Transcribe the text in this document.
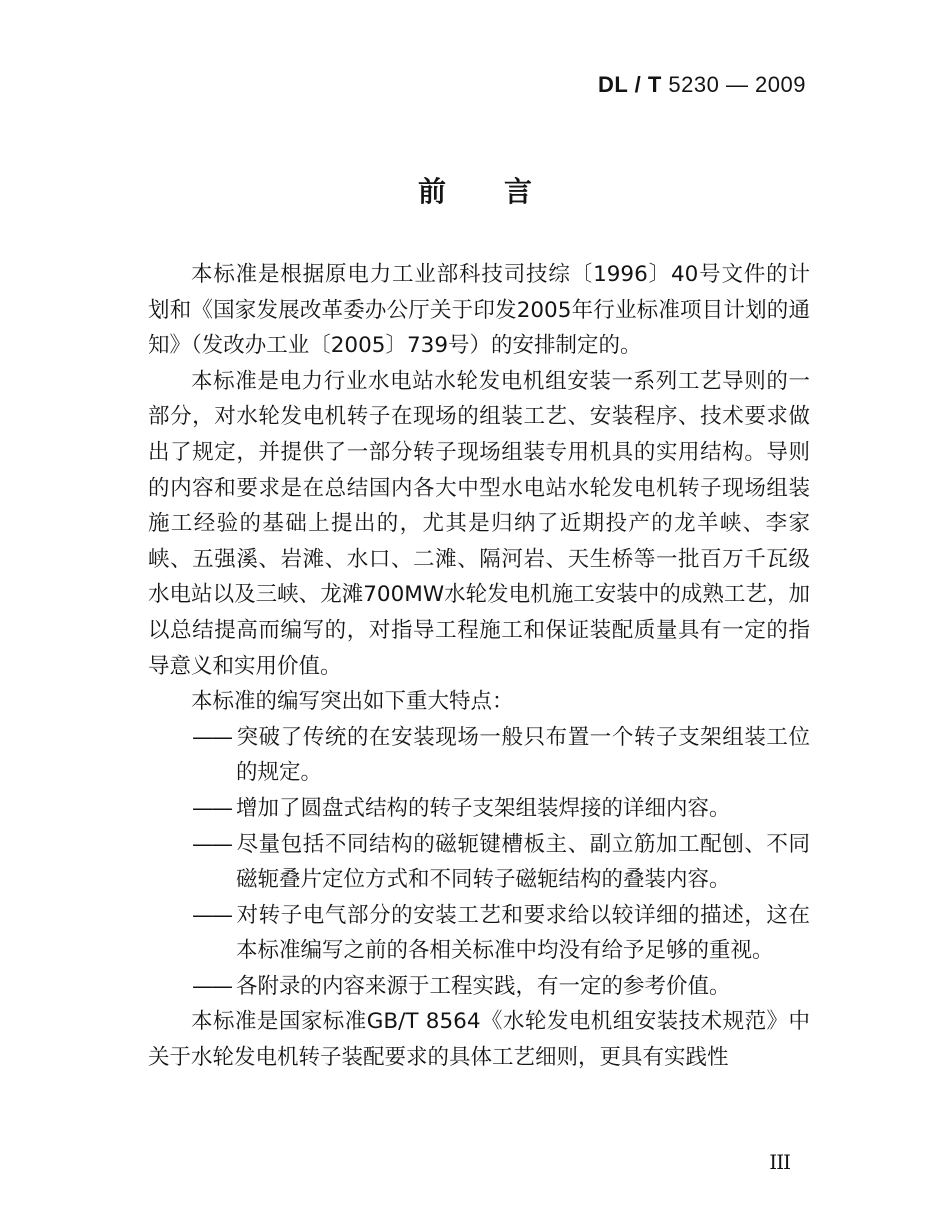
DL / T 5230 — 2009
前言

本标准是根据原电力工业部科技司技综〔1996〕40号文件的计划和《国家发展改革委办公厅关于印发2005年行业标准项目计划的通知》（发改办工业〔2005〕739号）的安排制定的。

本标准是电力行业水电站水轮发电机组安装一系列工艺导则的一部分，对水轮发电机转子在现场的组装工艺、安装程序、技术要求做出了规定，并提供了一部分转子现场组装专用机具的实用结构。导则的内容和要求是在总结国内各大中型水电站水轮发电机转子现场组装施工经验的基础上提出的，尤其是归纳了近期投产的龙羊峡、李家峡、五强溪、岩滩、水口、二滩、隔河岩、天生桥等一批百万千瓦级水电站以及三峡、龙滩700MW水轮发电机施工安装中的成熟工艺，加以总结提高而编写的，对指导工程施工和保证装配质量具有一定的指导意义和实用价值。

本标准的编写突出如下重大特点：

—— 突破了传统的在安装现场一般只布置一个转子支架组装工位的规定。
—— 增加了圆盘式结构的转子支架组装焊接的详细内容。
—— 尽量包括不同结构的磁轭键槽板主、副立筋加工配刨、不同磁轭叠片定位方式和不同转子磁轭结构的叠装内容。
—— 对转子电气部分的安装工艺和要求给以较详细的描述，这在本标准编写之前的各相关标准中均没有给予足够的重视。
—— 各附录的内容来源于工程实践，有一定的参考价值。

本标准是国家标准GB/T 8564《水轮发电机组安装技术规范》中关于水轮发电机转子装配要求的具体工艺细则，更具有实践性

III
